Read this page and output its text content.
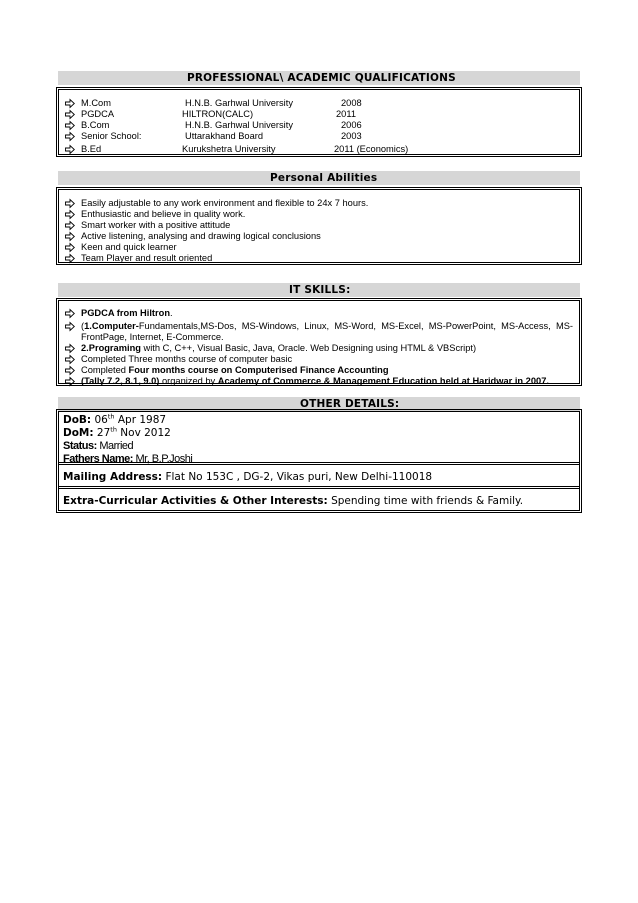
PROFESSIONAL\ ACADEMIC QUALIFICATIONS
M.Com	H.N.B. Garhwal University	2008
PGDCA	HILTRON(CALC)	2011
B.Com	H.N.B. Garhwal University	2006
Senior School:	Uttarakhand Board	2003
B.Ed	Kurukshetra University	2011 (Economics)
Personal Abilities
Easily adjustable to any work environment and flexible to 24x 7 hours.
Enthusiastic and believe in quality work.
Smart worker with a positive attitude
Active listening, analysing and drawing logical conclusions
Keen and quick learner
Team Player and result oriented
IT SKILLS:
PGDCA from Hiltron.
(1.Computer-Fundamentals,MS-Dos, MS-Windows, Linux, MS-Word, MS-Excel, MS-PowerPoint, MS-Access, MS-FrontPage, Internet, E-Commerce.
2.Programing with C, C++, Visual Basic, Java, Oracle. Web Designing using HTML & VBScript)
Completed Three months course of computer basic
Completed Four months course on Computerised Finance Accounting
(Tally 7.2, 8.1, 9.0) organized by Academy of Commerce & Management Education held at Haridwar in 2007.
OTHER DETAILS:
DoB: 06th Apr 1987
DoM: 27th Nov 2012
Status: Married
Fathers Name: Mr, B.P.Joshi
Mailing Address: Flat No 153C , DG-2, Vikas puri, New Delhi-110018
Extra-Curricular Activities & Other Interests: Spending time with friends & Family.
